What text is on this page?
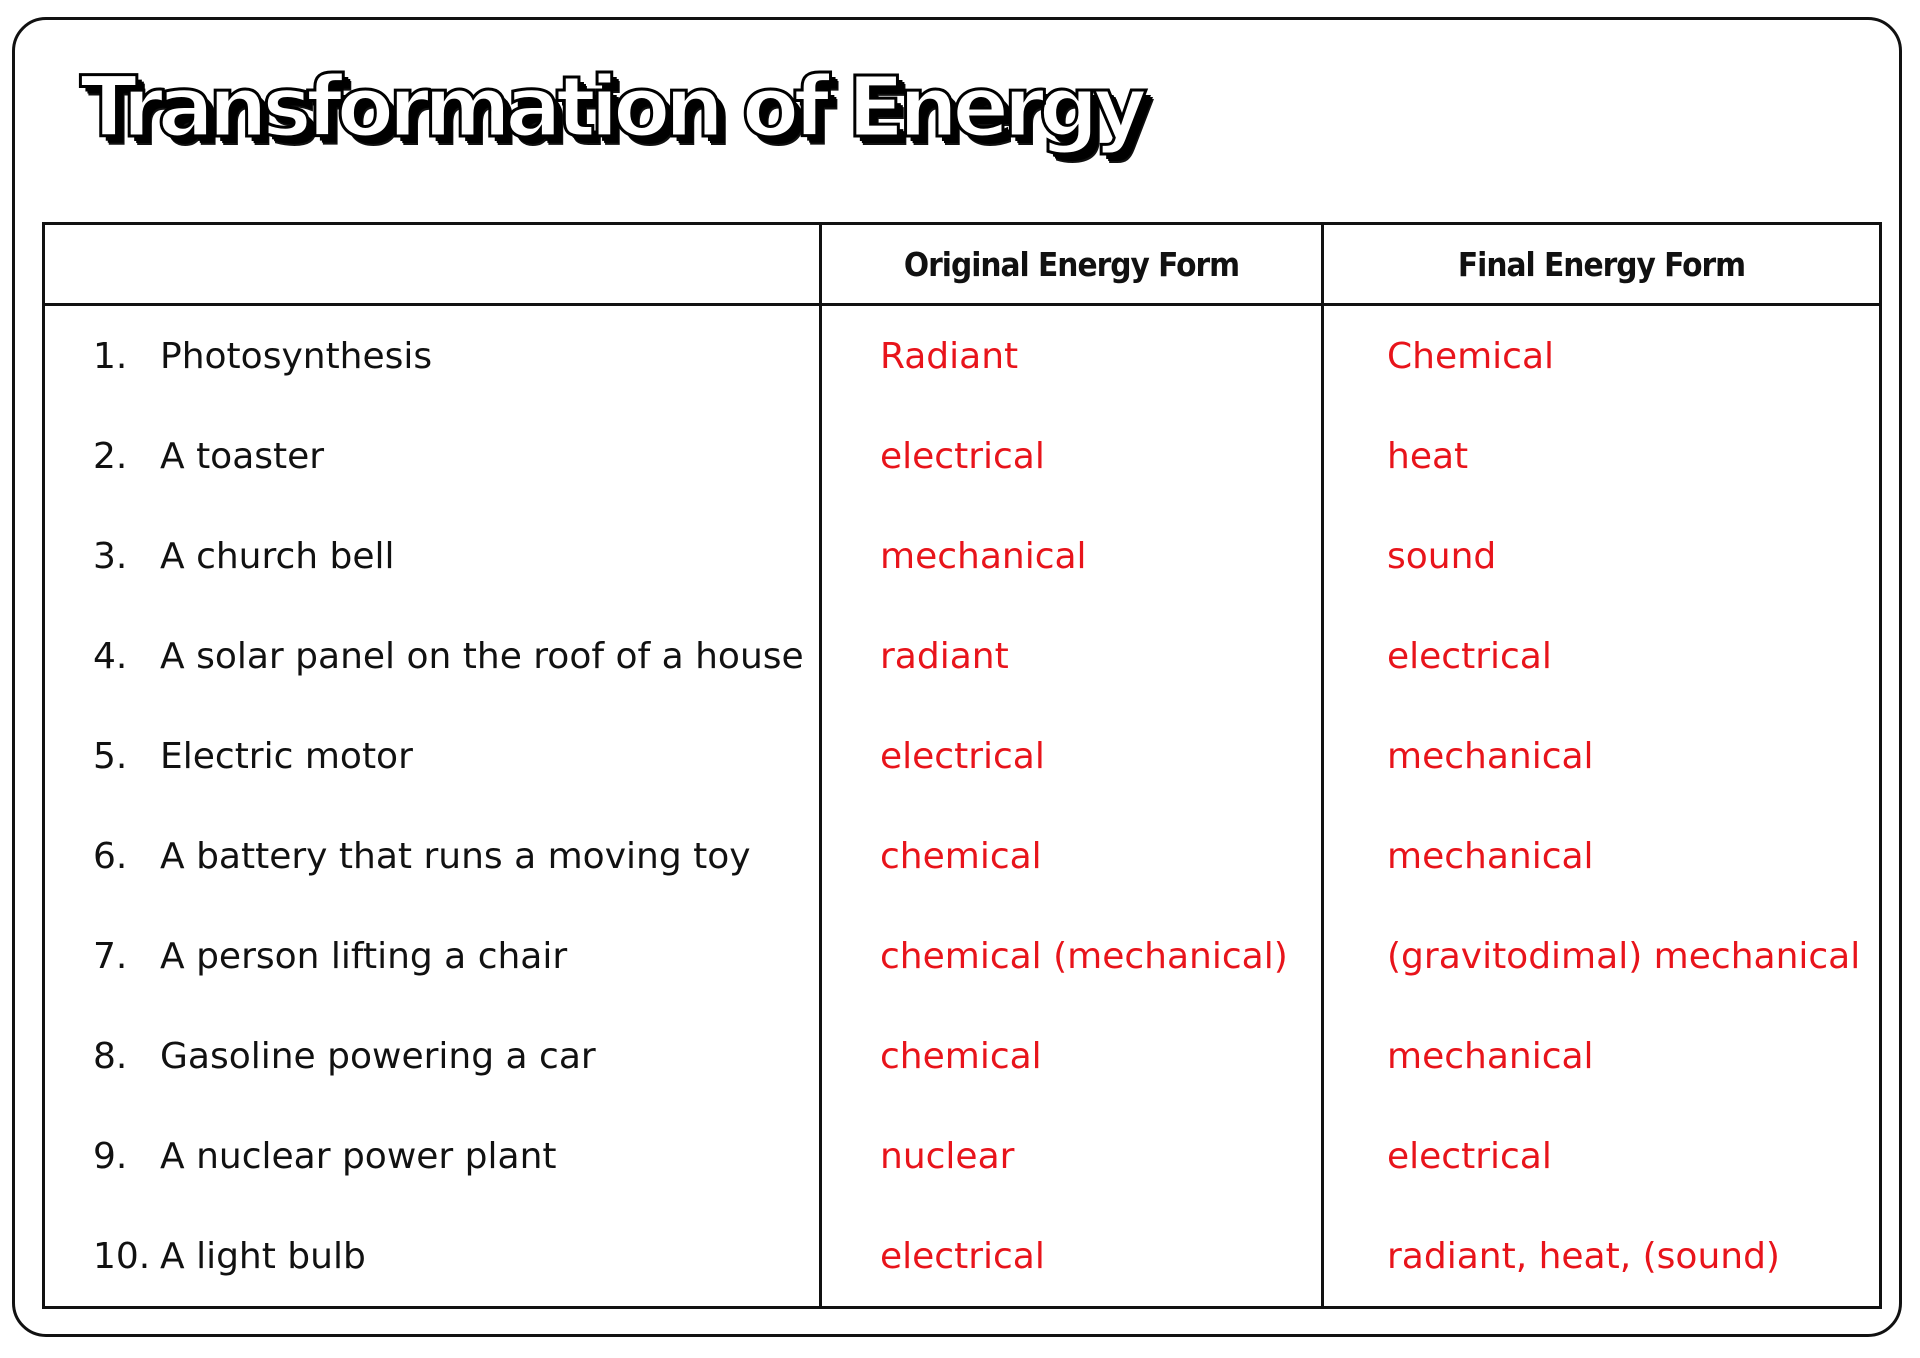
Transformation of Energy
	Original Energy Form	Final Energy Form
1. Photosynthesis	Radiant	Chemical
2. A toaster	electrical	heat
3. A church bell	mechanical	sound
4. A solar panel on the roof of a house	radiant	electrical
5. Electric motor	electrical	mechanical
6. A battery that runs a moving toy	chemical	mechanical
7. A person lifting a chair	chemical (mechanical)	(gravitodimal) mechanical
8. Gasoline powering a car	chemical	mechanical
9. A nuclear power plant	nuclear	electrical
10. A light bulb	electrical	radiant, heat, (sound)
